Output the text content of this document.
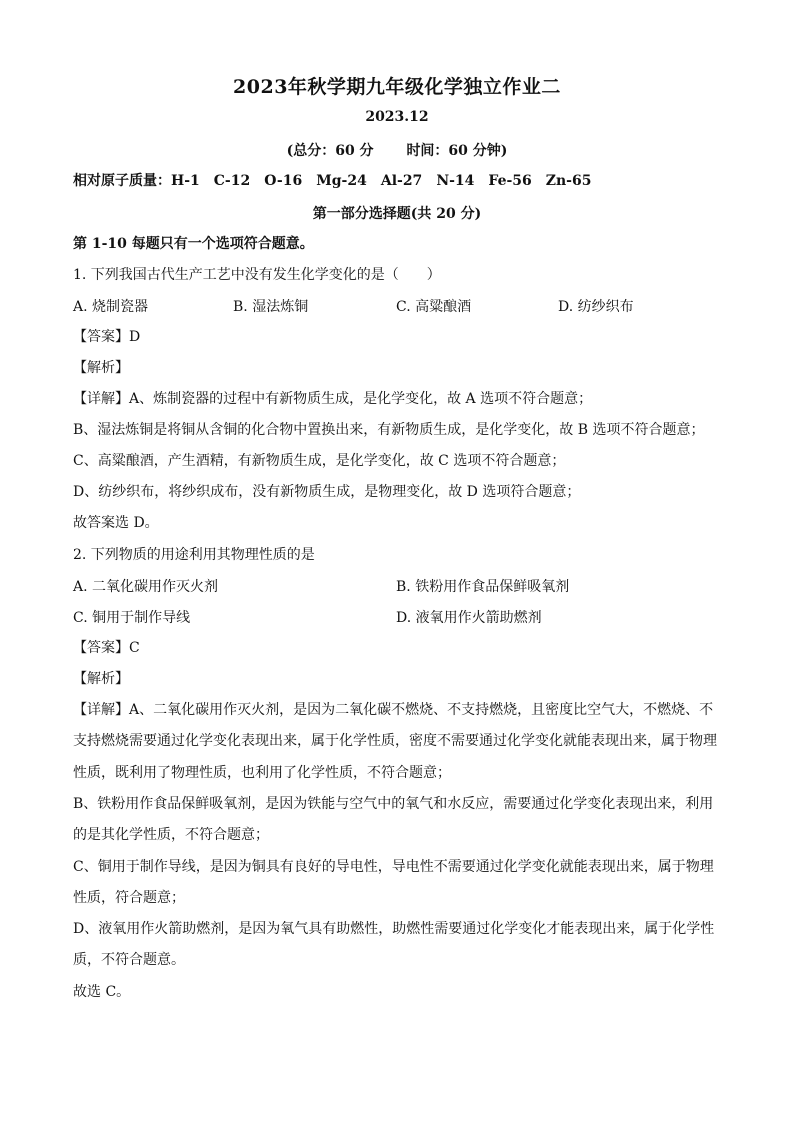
2023年秋学期九年级化学独立作业二
2023.12
(总分：60 分 时间：60 分钟)
相对原子质量：H-1 C-12 O-16 Mg-24 Al-27 N-14 Fe-56 Zn-65
第一部分选择题(共 20 分)
第 1-10 每题只有一个选项符合题意。
1. 下列我国古代生产工艺中没有发生化学变化的是（　　）
A. 烧制瓷器	B. 湿法炼铜	C. 高粱酿酒	D. 纺纱织布
【答案】D
【解析】
【详解】A、炼制瓷器的过程中有新物质生成，是化学变化，故 A 选项不符合题意；
B、湿法炼铜是将铜从含铜的化合物中置换出来，有新物质生成，是化学变化，故 B 选项不符合题意；
C、高粱酿酒，产生酒精，有新物质生成，是化学变化，故 C 选项不符合题意；
D、纺纱织布，将纱织成布，没有新物质生成，是物理变化，故 D 选项符合题意；
故答案选 D。
2. 下列物质的用途利用其物理性质的是
A. 二氧化碳用作灭火剂	B. 铁粉用作食品保鲜吸氧剂
C. 铜用于制作导线	D. 液氧用作火箭助燃剂
【答案】C
【解析】
【详解】A、二氧化碳用作灭火剂，是因为二氧化碳不燃烧、不支持燃烧，且密度比空气大，不燃烧、不支持燃烧需要通过化学变化表现出来，属于化学性质，密度不需要通过化学变化就能表现出来，属于物理性质，既利用了物理性质，也利用了化学性质，不符合题意；
B、铁粉用作食品保鲜吸氧剂，是因为铁能与空气中的氧气和水反应，需要通过化学变化表现出来，利用的是其化学性质，不符合题意；
C、铜用于制作导线，是因为铜具有良好的导电性，导电性不需要通过化学变化就能表现出来，属于物理性质，符合题意；
D、液氧用作火箭助燃剂，是因为氧气具有助燃性，助燃性需要通过化学变化才能表现出来，属于化学性质，不符合题意。
故选 C。
